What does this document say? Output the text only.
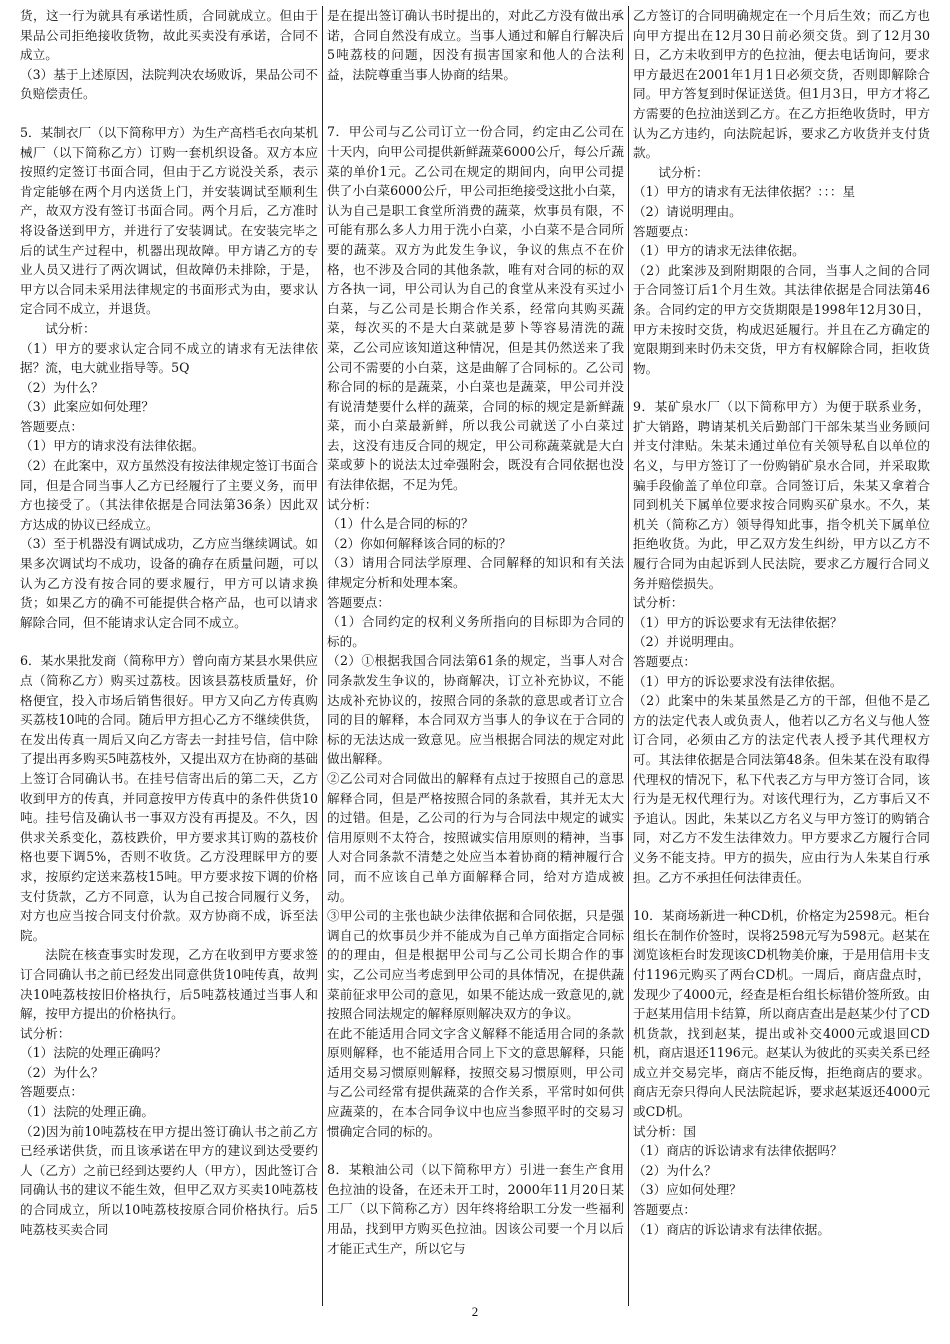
货，这一行为就具有承诺性质，合同就成立。但由于果品公司拒绝接收货物，故此买卖没有承诺，合同不成立。

（3）基于上述原因，法院判决农场败诉，果品公司不负赔偿责任。

5．某制衣厂（以下简称甲方）为生产高档毛衣向某机械厂（以下简称乙方）订购一套机织设备。双方本应按照约定签订书面合同，但由于乙方说没关系，表示肯定能够在两个月内送货上门，并安装调试至顺利生产，故双方没有签订书面合同。两个月后，乙方准时将设备送到甲方，并进行了安装调试。在安装完毕之后的试生产过程中，机器出现故障。甲方请乙方的专业人员又进行了两次调试，但故障仍未排除，于是，甲方以合同未采用法律规定的书面形式为由，要求认定合同不成立，并退货。

试分析：

（1）甲方的要求认定合同不成立的请求有无法律依据？流，电大就业指导等。5Q

（2）为什么？

（3）此案应如何处理？

答题要点：

（1）甲方的请求没有法律依据。

（2）在此案中，双方虽然没有按法律规定签订书面合同，但是合同当事人乙方已经履行了主要义务，而甲方也接受了。（其法律依据是合同法第36条）因此双方达成的协议已经成立。

（3）至于机器没有调试成功，乙方应当继续调试。如果多次调试均不成功，设备的确存在质量问题，可以认为乙方没有按合同的要求履行，甲方可以请求换货；如果乙方的确不可能提供合格产品，也可以请求解除合同，但不能请求认定合同不成立。

6．某水果批发商（简称甲方）曾向南方某县水果供应点（简称乙方）购买过荔枝。因该县荔枝质量好，价格便宜，投入市场后销售很好。甲方又向乙方传真购买荔枝10吨的合同。随后甲方担心乙方不继续供货，在发出传真一周后又向乙方寄去一封挂号信，信中除了提出再多购买5吨荔枝外，又提出双方在协商的基础上签订合同确认书。在挂号信寄出后的第二天，乙方收到甲方的传真，并同意按甲方传真中的条件供货10吨。挂号信及确认书一事双方没有再提及。不久，因供求关系变化，荔枝跌价，甲方要求其订购的荔枝价格也要下调5%，否则不收货。乙方没理睬甲方的要求，按原约定送来荔枝15吨。甲方要求按下调的价格支付货款，乙方不同意，认为自己按合同履行义务，对方也应当按合同支付价款。双方协商不成，诉至法院。

法院在核查事实时发现，乙方在收到甲方要求签订合同确认书之前已经发出同意供货10吨传真，故判决10吨荔枝按旧价格执行，后5吨荔枝通过当事人和解，按甲方提出的价格执行。

试分析：

（1）法院的处理正确吗？

（2）为什么？

答题要点：

（1）法院的处理正确。

（2)因为前10吨荔枝在甲方提出签订确认书之前乙方已经承诺供货，而且该承诺在甲方的建议到达受要约人（乙方）之前已经到达要约人（甲方），因此签订合同确认书的建议不能生效，但甲乙双方买卖10吨荔枝的合同成立，所以10吨荔枝按原合同价格执行。后5吨荔枝买卖合同

是在提出签订确认书时提出的，对此乙方没有做出承诺，合同自然没有成立。当事人通过和解自行解决后5吨荔枝的问题，因没有损害国家和他人的合法利益，法院尊重当事人协商的结果。

7．甲公司与乙公司订立一份合同，约定由乙公司在十天内，向甲公司提供新鲜蔬菜6000公斤，每公斤蔬菜的单价1元。乙公司在规定的期间内，向甲公司提供了小白菜6000公斤，甲公司拒绝接受这批小白菜，认为自己是职工食堂所消费的蔬菜，炊事员有限，不可能有那么多人力用于洗小白菜，小白菜不是合同所要的蔬菜。双方为此发生争议，争议的焦点不在价格，也不涉及合同的其他条款，唯有对合同的标的双方各执一词，甲公司认为自己的食堂从来没有买过小白菜，与乙公司是长期合作关系，经常向其购买蔬菜，每次买的不是大白菜就是萝卜等容易清洗的蔬菜，乙公司应该知道这种情况，但是其仍然送来了我公司不需要的小白菜，这是曲解了合同标的。乙公司称合同的标的是蔬菜，小白菜也是蔬菜，甲公司并没有说清楚要什么样的蔬菜，合同的标的规定是新鲜蔬菜，而小白菜最新鲜，所以我公司就送了小白菜过去，这没有违反合同的规定，甲公司称蔬菜就是大白菜或萝卜的说法太过牵强附会，既没有合同依据也没有法律依据，不足为凭。

试分析：

（1）什么是合同的标的？

（2）你如何解释该合同的标的？

（3）请用合同法学原理、合同解释的知识和有关法律规定分析和处理本案。

答题要点：

（1）合同约定的权利义务所指向的目标即为合同的标的。

（2）①根据我国合同法第61条的规定，当事人对合同条款发生争议的，协商解决，订立补充协议，不能达成补充协议的，按照合同的条款的意思或者订立合同的目的解释，本合同双方当事人的争议在于合同的标的无法达成一致意见。应当根据合同法的规定对此做出解释。

②乙公司对合同做出的解释有点过于按照自己的意思解释合同，但是严格按照合同的条款看，其并无太大的过错。但是，乙公司的行为与合同法中规定的诚实信用原则不太符合，按照诚实信用原则的精神，当事人对合同条款不清楚之处应当本着协商的精神履行合同，而不应该自己单方面解释合同，给对方造成被动。

③甲公司的主张也缺少法律依据和合同依据，只是强调自己的炊事员少并不能成为自己单方面指定合同标的的理由，但是根据甲公司与乙公司长期合作的事实，乙公司应当考虑到甲公司的具体情况，在提供蔬菜前征求甲公司的意见，如果不能达成一致意见的,就按照合同法规定的解释原则解决双方的争议。

在此不能适用合同文字含义解释不能适用合同的条款原则解释，也不能适用合同上下文的意思解释，只能适用交易习惯原则解释，按照交易习惯原则，甲公司与乙公司经常有提供蔬菜的合作关系，平常时如何供应蔬菜的，在本合同争议中也应当参照平时的交易习惯确定合同的标的。

8．某粮油公司（以下简称甲方）引进一套生产食用色拉油的设备，在还未开工时，2000年11月20日某工厂（以下简称乙方）因年终将给职工分发一些福利用品，找到甲方购买色拉油。因该公司要一个月以后才能正式生产，所以它与

乙方签订的合同明确规定在一个月后生效；而乙方也向甲方提出在12月30日前必须交货。到了12月30日，乙方未收到甲方的色拉油，便去电话询问，要求甲方最迟在2001年1月1日必须交货，否则即解除合同。甲方答复到时保证送货。但1月3日，甲方才将乙方需要的色拉油送到乙方。在乙方拒绝收货时，甲方认为乙方违约，向法院起诉，要求乙方收货并支付货款。

试分析：

（1）甲方的请求有无法律依据？：：：星

（2）请说明理由。

答题要点：

（1）甲方的请求无法律依据。

（2）此案涉及到附期限的合同，当事人之间的合同于合同签订后1个月生效。其法律依据是合同法第46条。合同约定的甲方交货期限是1998年12月30日，甲方未按时交货，构成迟延履行。并且在乙方确定的宽限期到来时仍未交货，甲方有权解除合同，拒收货物。

9．某矿泉水厂（以下简称甲方）为便于联系业务，扩大销路，聘请某机关后勤部门干部朱某当业务顾问并支付津贴。朱某未通过单位有关领导私自以单位的名义，与甲方签订了一份购销矿泉水合同，并采取欺骗手段偷盖了单位印章。合同签订后，朱某又拿着合同到机关下属单位要求按合同购买矿泉水。不久，某机关（简称乙方）领导得知此事，指令机关下属单位拒绝收货。为此，甲乙双方发生纠纷，甲方以乙方不履行合同为由起诉到人民法院，要求乙方履行合同义务并赔偿损失。

试分析：

（1）甲方的诉讼要求有无法律依据？

（2）并说明理由。

答题要点：

（1）甲方的诉讼要求没有法律依据。

（2）此案中的朱某虽然是乙方的干部，但他不是乙方的法定代表人或负责人，他若以乙方名义与他人签订合同，必须由乙方的法定代表人授予其代理权方可。其法律依据是合同法第48条。但朱某在没有取得代理权的情况下，私下代表乙方与甲方签订合同，该行为是无权代理行为。对该代理行为，乙方事后又不予追认。因此，朱某以乙方名义与甲方签订的购销合同，对乙方不发生法律效力。甲方要求乙方履行合同义务不能支持。甲方的损失，应由行为人朱某自行承担。乙方不承担任何法律责任。

10．某商场新进一种CD机，价格定为2598元。柜台组长在制作价签时，误将2598元写为598元。赵某在浏览该柜台时发现该CD机物美价廉，于是用信用卡支付1196元购买了两台CD机。一周后，商店盘点时，发现少了4000元，经查是柜台组长标错价签所致。由于赵某用信用卡结算，所以商店查出是赵某少付了CD机货款，找到赵某，提出或补交4000元或退回CD机，商店退还1196元。赵某认为彼此的买卖关系已经成立并交易完毕，商店不能反悔，拒绝商店的要求。商店无奈只得向人民法院起诉，要求赵某返还4000元或CD机。

试分析：国

（1）商店的诉讼请求有法律依据吗？

（2）为什么？

（3）应如何处理？

答题要点：

（1）商店的诉讼请求有法律依据。

2
